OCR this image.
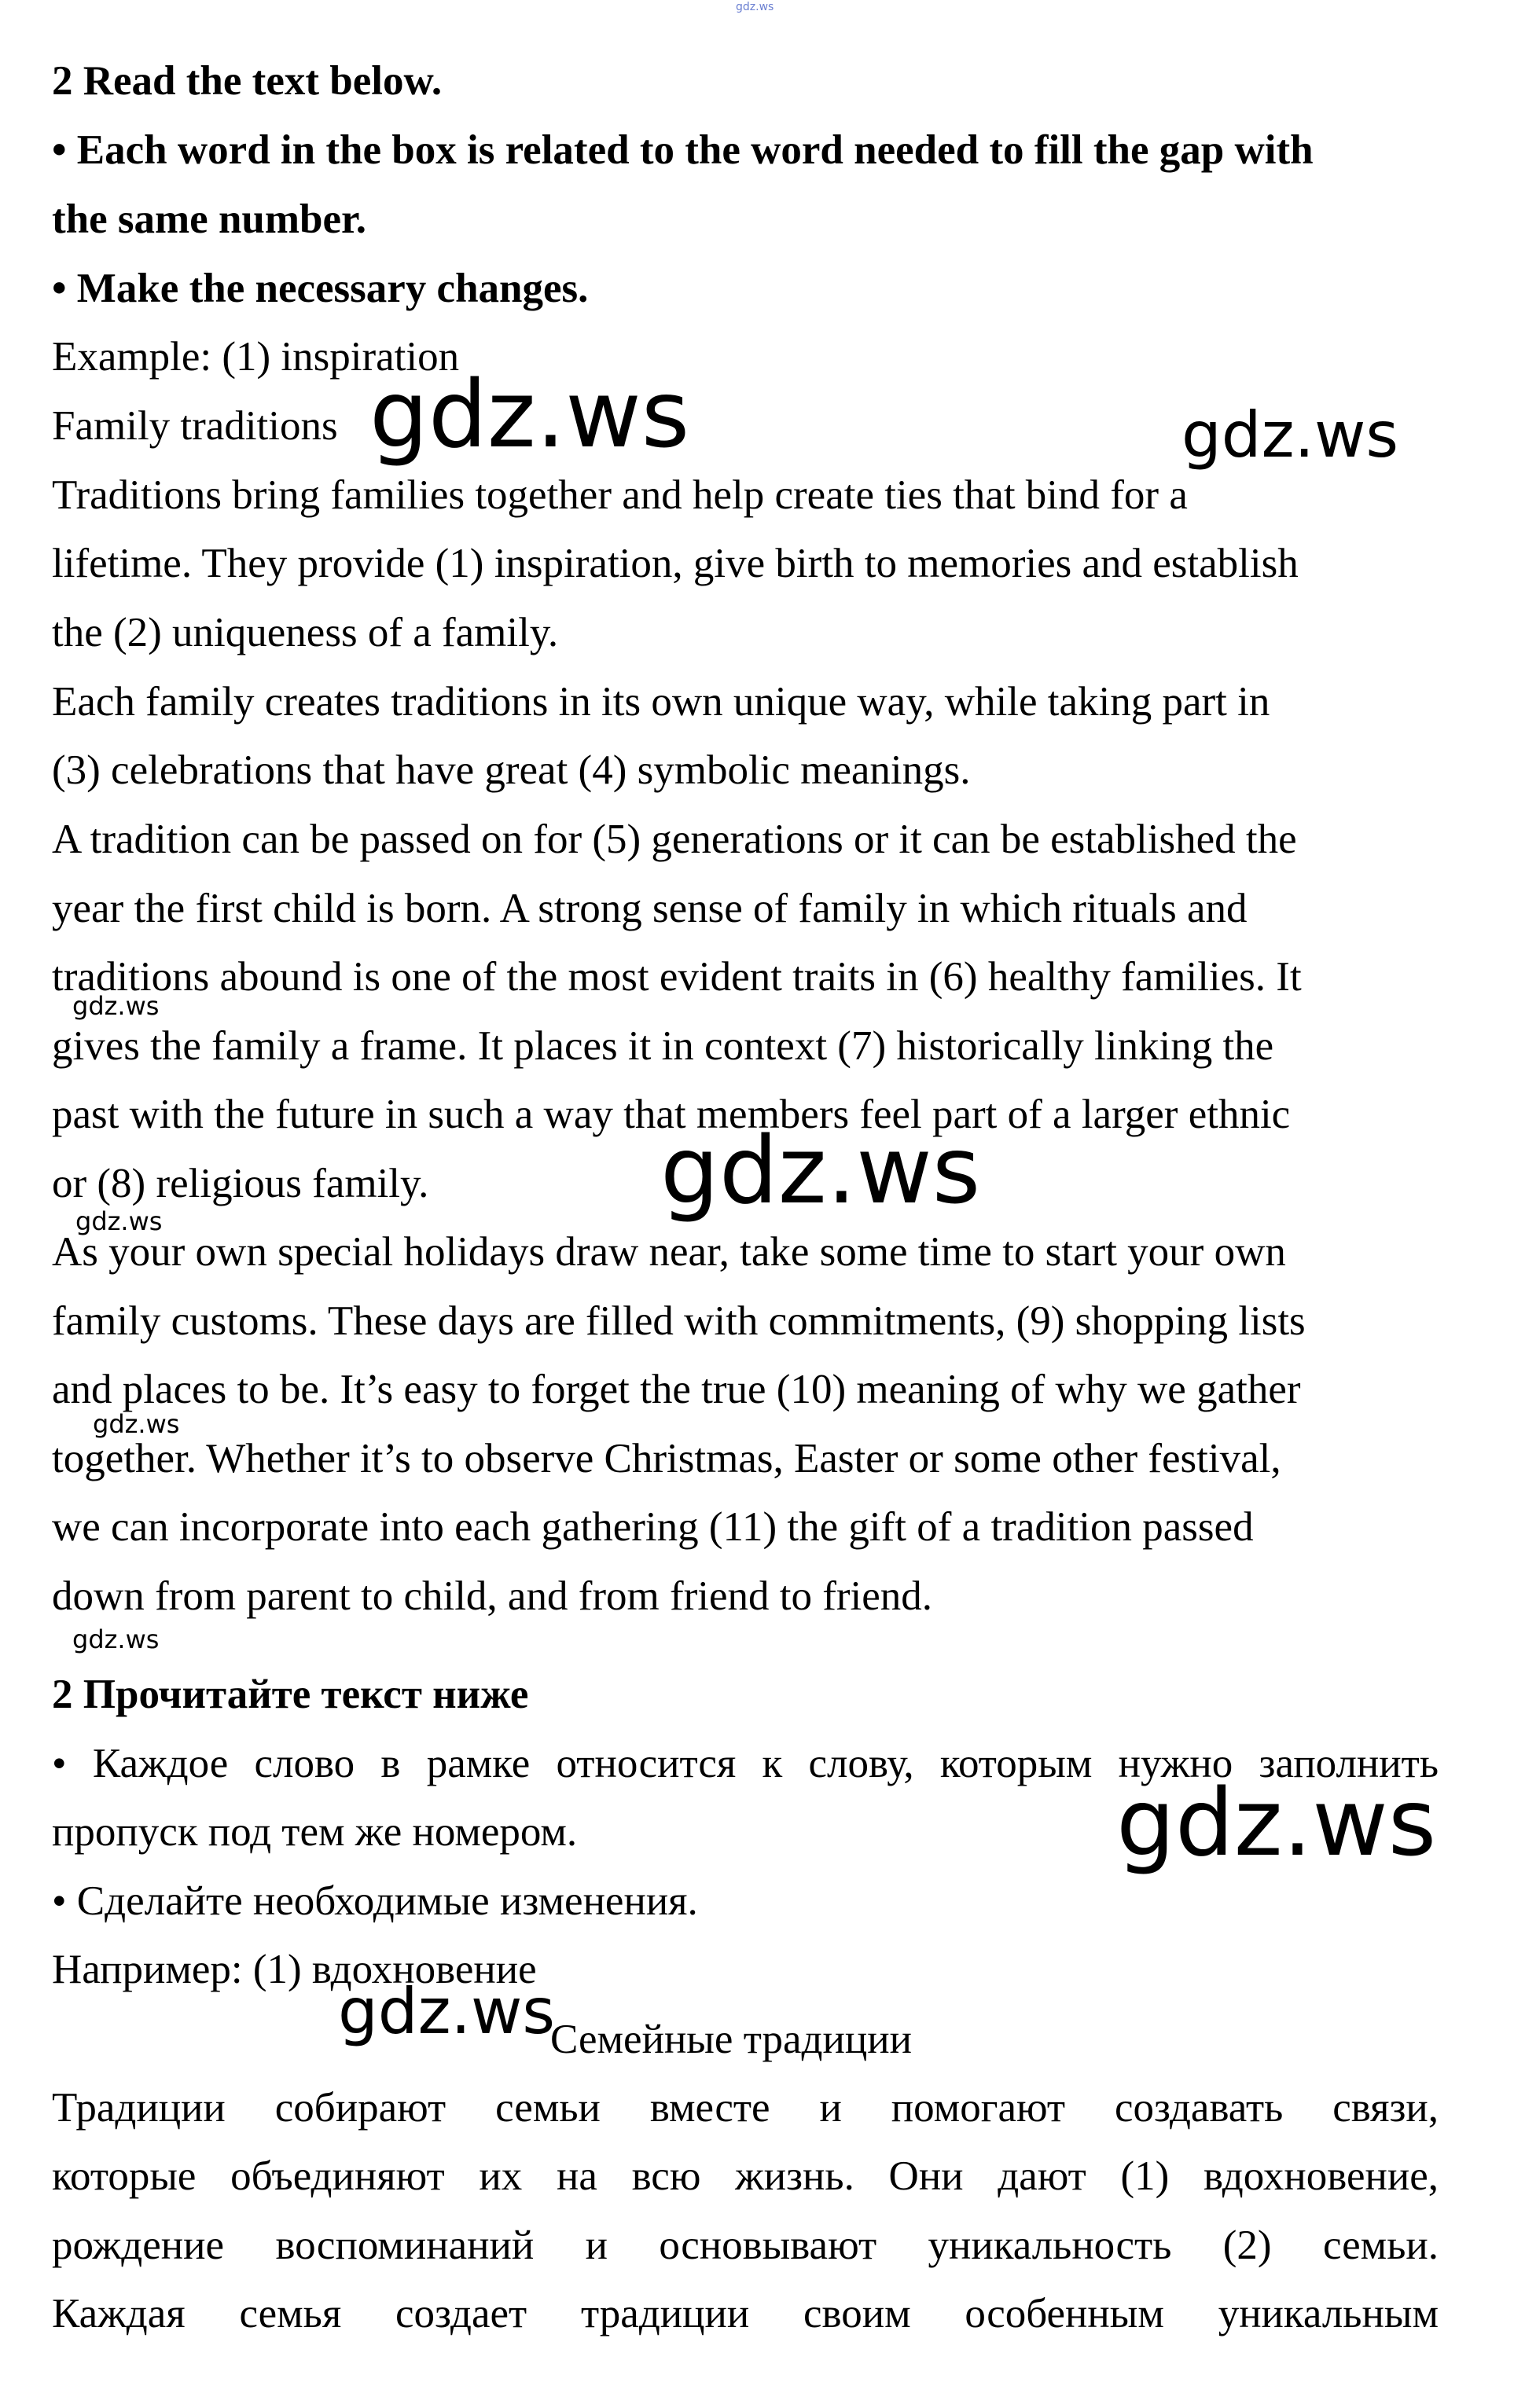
gdz.ws

2 Read the text below.

• Each word in the box is related to the word needed to fill the gap with

the same number.

• Make the necessary changes.

Example: (1) inspiration

Family traditions

Traditions bring families together and help create ties that bind for a

lifetime. They provide (1) inspiration, give birth to memories and establish

the (2) uniqueness of a family.

Each family creates traditions in its own unique way, while taking part in

(3) celebrations that have great (4) symbolic meanings.

A tradition can be passed on for (5) generations or it can be established the

year the first child is born. A strong sense of family in which rituals and

traditions abound is one of the most evident traits in (6) healthy families. It

gives the family a frame. It places it in context (7) historically linking the

past with the future in such a way that members feel part of a larger ethnic

or (8) religious family.

As your own special holidays draw near, take some time to start your own

family customs. These days are filled with commitments, (9) shopping lists

and places to be. It’s easy to forget the true (10) meaning of why we gather

together. Whether it’s to observe Christmas, Easter or some other festival,

we can incorporate into each gathering (11) the gift of a tradition passed

down from parent to child, and from friend to friend.

2 Прочитайте текст ниже

• Каждое слово в рамке относится к слову, которым нужно заполнить

пропуск под тем же номером.

• Сделайте необходимые изменения.

Например: (1) вдохновение

Семейные традиции

Традиции собирают семьи вместе и помогают создавать связи,

которые объединяют их на всю жизнь. Они дают (1) вдохновение,

рождение воспоминаний и основывают уникальность (2) семьи.

Каждая семья создает традиции своим особенным уникальным

gdz.ws	gdz.ws
gdz.ws
gdz.ws
gdz.ws
gdz.ws
gdz.ws
gdz.ws
gdz.ws
